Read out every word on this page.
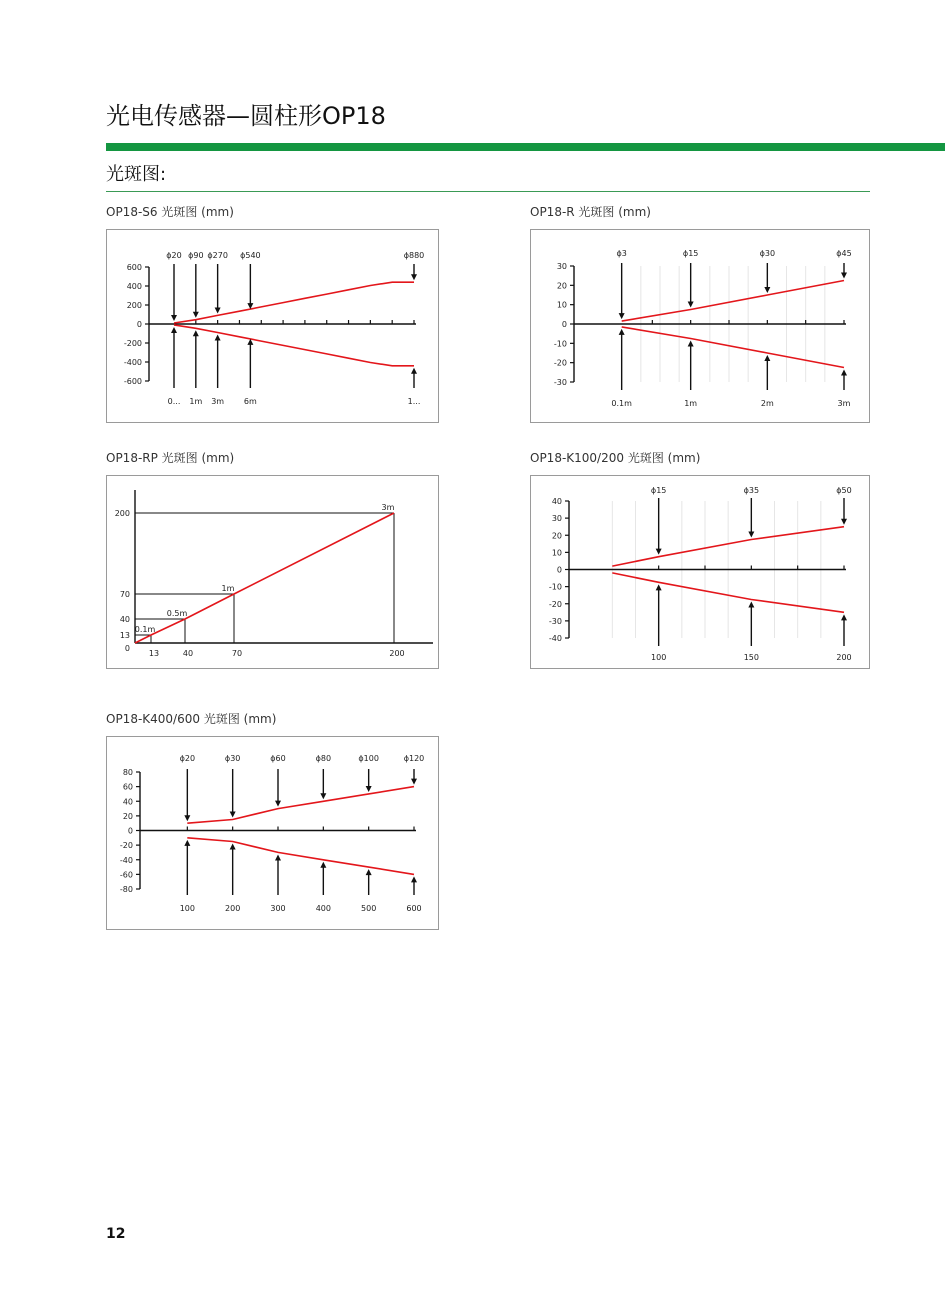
光电传感器—圆柱形OP18
光斑图:
OP18-S6 光斑图 (mm)
600
400
200
0
-200
-400
-600
ϕ20
0...
ϕ90
1m
ϕ270
3m
ϕ540
6m
ϕ880
1...
OP18-R 光斑图 (mm)
30
20
10
0
-10
-20
-30
ϕ3
0.1m
ϕ15
1m
ϕ30
2m
ϕ45
3m
OP18-RP 光斑图 (mm)
200
70
40
13
0
13	40	70	200
0.1m
0.5m
1m
3m
OP18-K100/200 光斑图 (mm)
40
30
20
10
0
-10
-20
-30
-40
ϕ15
100
ϕ35
150
ϕ50
200
OP18-K400/600 光斑图 (mm)
80
60
40
20
0
-20
-40
-60
-80
ϕ20
100
ϕ30
200
ϕ60
300
ϕ80
400
ϕ100
500
ϕ120
600
12
